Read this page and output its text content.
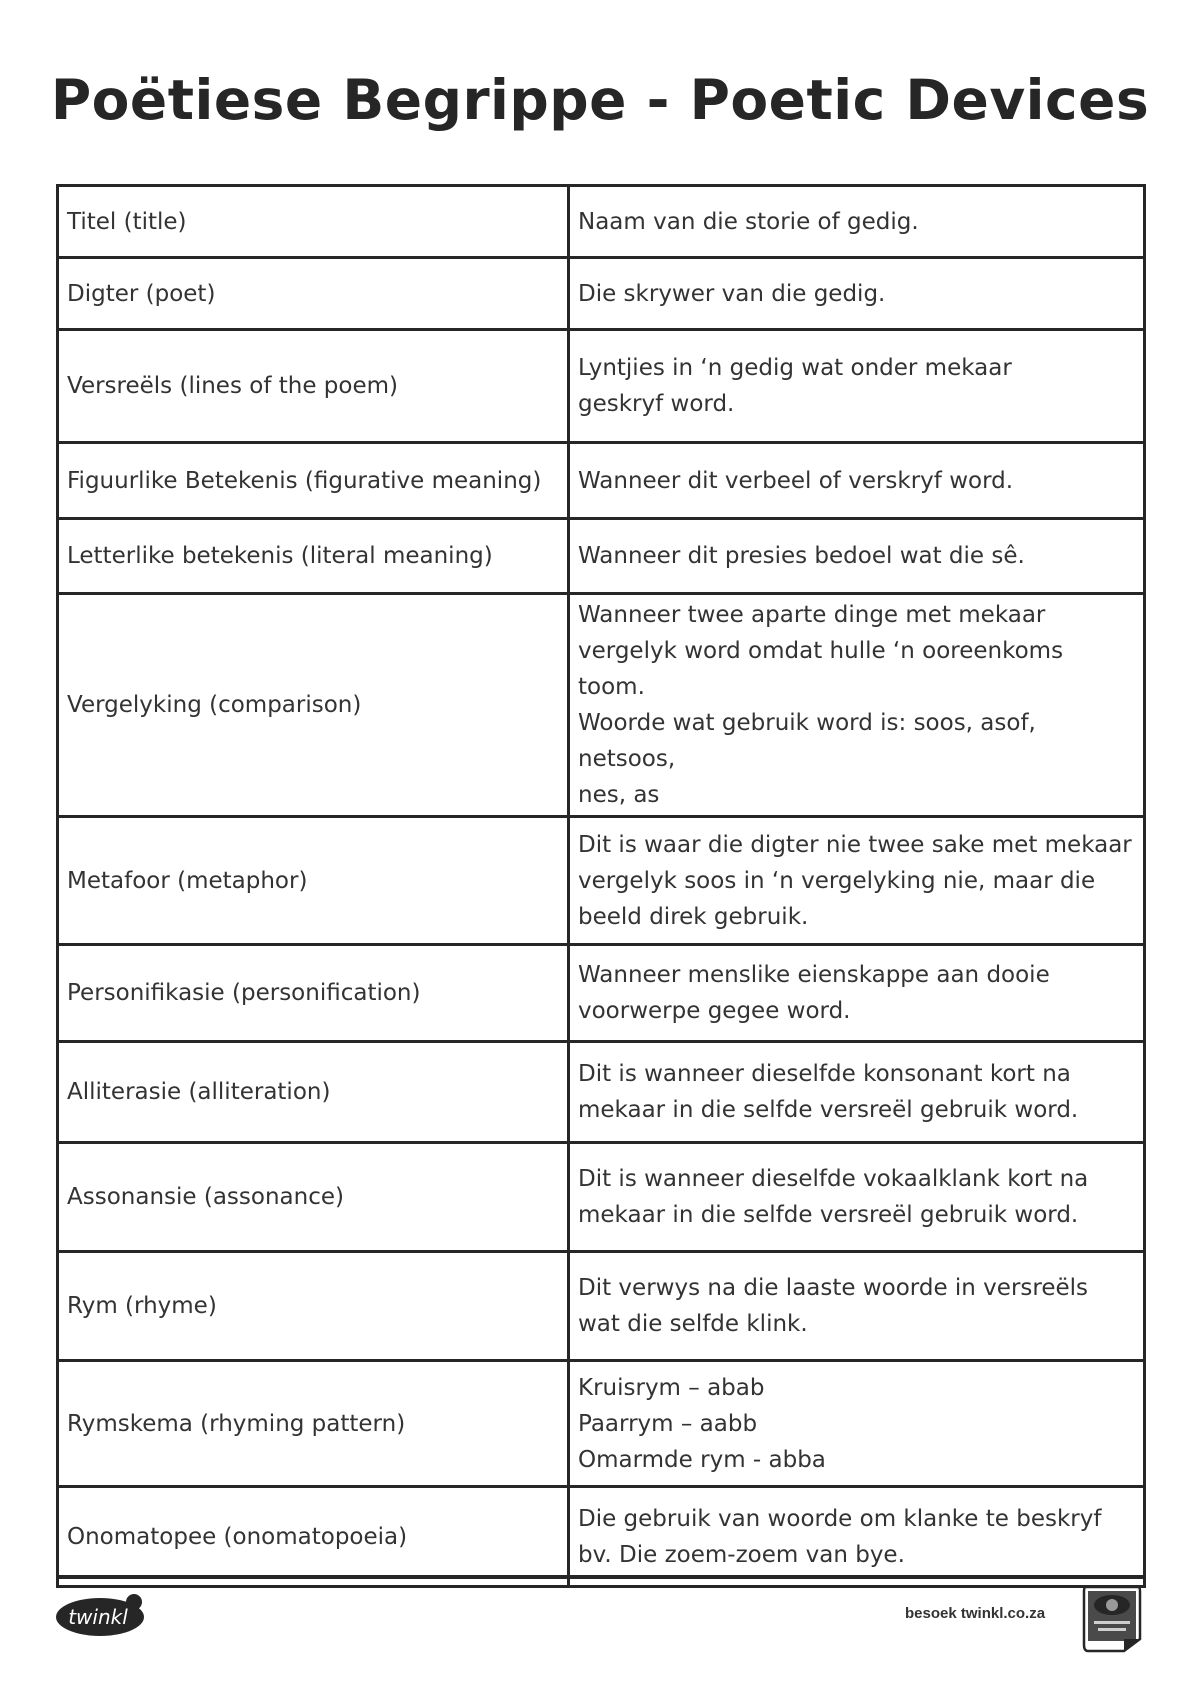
Poëtiese Begrippe - Poetic Devices
Titel (title)	Naam van die storie of gedig.
Digter (poet)	Die skrywer van die gedig.
Versreëls (lines of the poem)	Lyntjies in ‘n gedig wat onder mekaar
geskryf word.
Figuurlike Betekenis (figurative meaning)	Wanneer dit verbeel of verskryf word.
Letterlike betekenis (literal meaning)	Wanneer dit presies bedoel wat die sê.
Vergelyking (comparison)	Wanneer twee aparte dinge met mekaar
vergelyk word omdat hulle ‘n ooreenkoms toom.
Woorde wat gebruik word is: soos, asof, netsoos,
nes, as
Metafoor (metaphor)	Dit is waar die digter nie twee sake met mekaar
vergelyk soos in ‘n vergelyking nie, maar die
beeld direk gebruik.
Personifikasie (personification)	Wanneer menslike eienskappe aan dooie
voorwerpe gegee word.
Alliterasie (alliteration)	Dit is wanneer dieselfde konsonant kort na
mekaar in die selfde versreël gebruik word.
Assonansie (assonance)	Dit is wanneer dieselfde vokaalklank kort na
mekaar in die selfde versreël gebruik word.
Rym (rhyme)	Dit verwys na die laaste woorde in versreëls
wat die selfde klink.
Rymskema (rhyming pattern)	Kruisrym – abab
Paarrym – aabb
Omarmde rym - abba
Onomatopee (onomatopoeia)	Die gebruik van woorde om klanke te beskryf
bv. Die zoem-zoem van bye.
twinkl	besoek twinkl.co.za
